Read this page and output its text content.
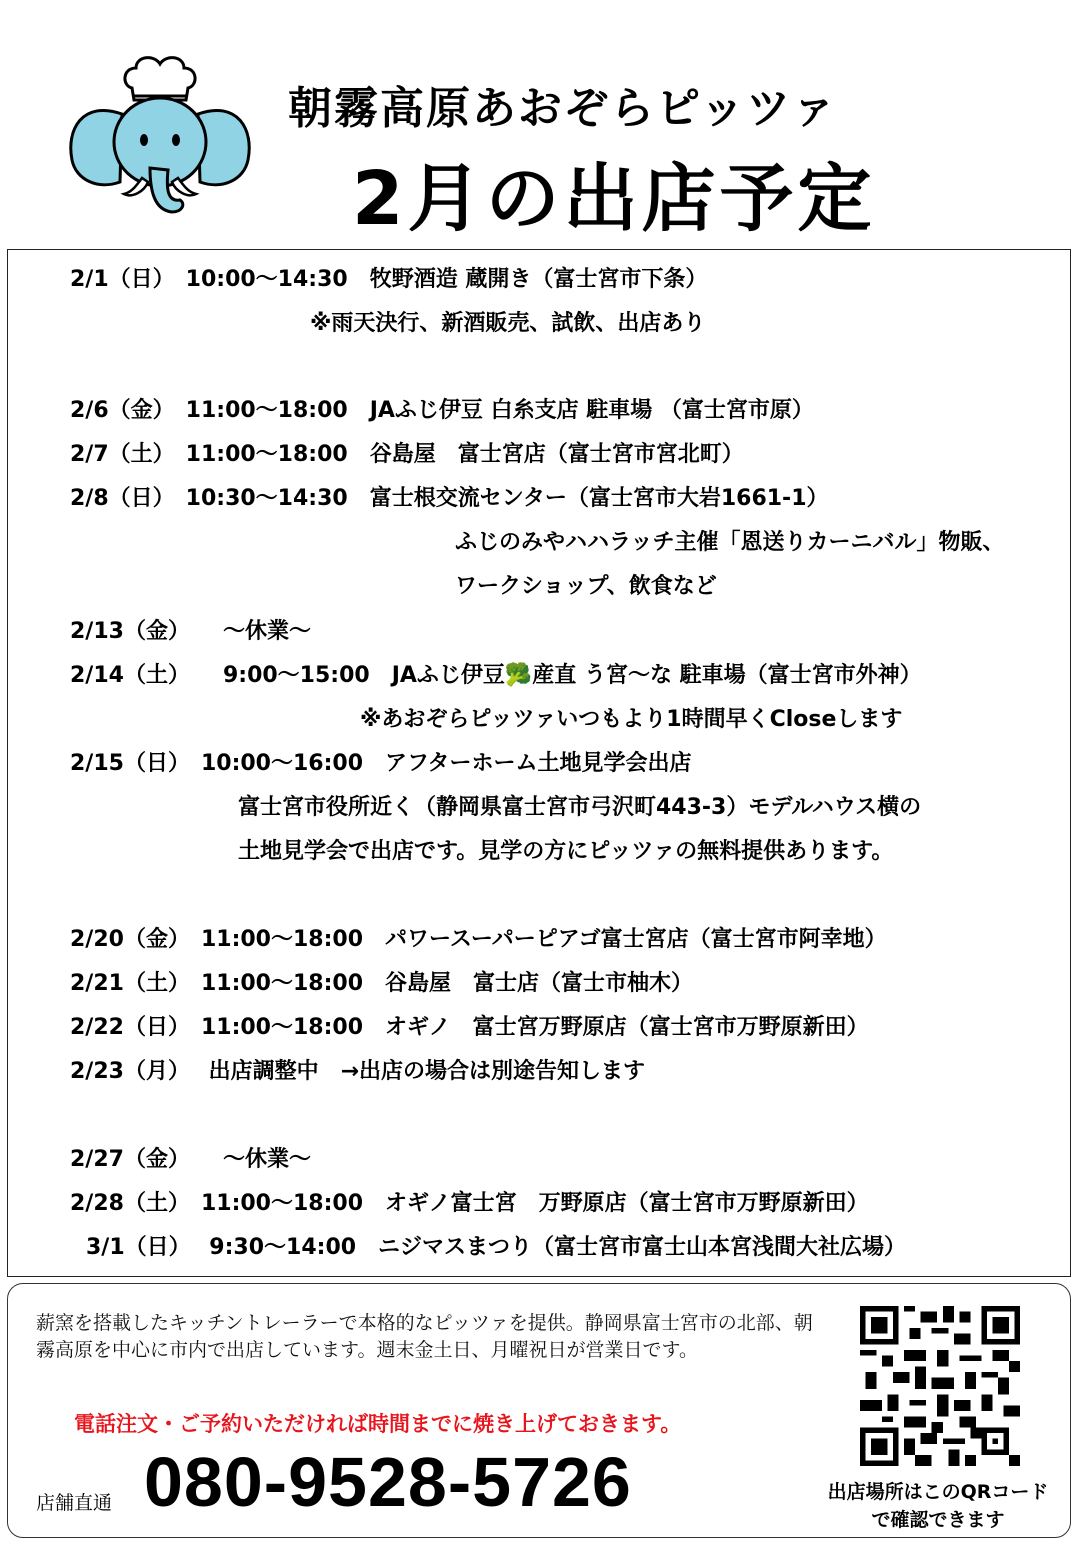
朝霧高原あおぞらピッツァ
2月の出店予定
2/1（日）　10:00〜14:30　牧野酒造 蔵開き（富士宮市下条）
※雨天決行、新酒販売、試飲、出店あり
2/6（金）　11:00〜18:00　JAふじ伊豆 白糸支店 駐車場 （富士宮市原）
2/7（土）　11:00〜18:00　谷島屋　富士宮店（富士宮市宮北町）
2/8（日）　10:30〜14:30　富士根交流センター（富士宮市大岩1661-1）
ふじのみやハハラッチ主催「恩送りカーニバル」物販、
ワークショップ、飲食など
2/13（金）　　〜休業〜
2/14（土）　　9:00〜15:00　JAふじ伊豆🥦産直 う宮〜な 駐車場（富士宮市外神）
※あおぞらピッツァいつもより1時間早くCloseします
2/15（日）　10:00〜16:00　アフターホーム土地見学会出店
富士宮市役所近く（静岡県富士宮市弓沢町443-3）モデルハウス横の
土地見学会で出店です。見学の方にピッツァの無料提供あります。
2/20（金）　11:00〜18:00　パワースーパーピアゴ富士宮店（富士宮市阿幸地）
2/21（土）　11:00〜18:00　谷島屋　富士店（富士市柚木）
2/22（日）　11:00〜18:00　オギノ　富士宮万野原店（富士宮市万野原新田）
2/23（月）　 出店調整中　→出店の場合は別途告知します
2/27（金）　　〜休業〜
2/28（土）　11:00〜18:00　オギノ富士宮　万野原店（富士宮市万野原新田）
3/1（日）　 9:30〜14:00　ニジマスまつり（富士宮市富士山本宮浅間大社広場）
薪窯を搭載したキッチントレーラーで本格的なピッツァを提供。静岡県富士宮市の北部、朝霧高原を中心に市内で出店しています。週末金土日、月曜祝日が営業日です。
電話注文・ご予約いただければ時間までに焼き上げておきます。
店舗直通 080-9528-5726	出店場所はこのQRコード
で確認できます
